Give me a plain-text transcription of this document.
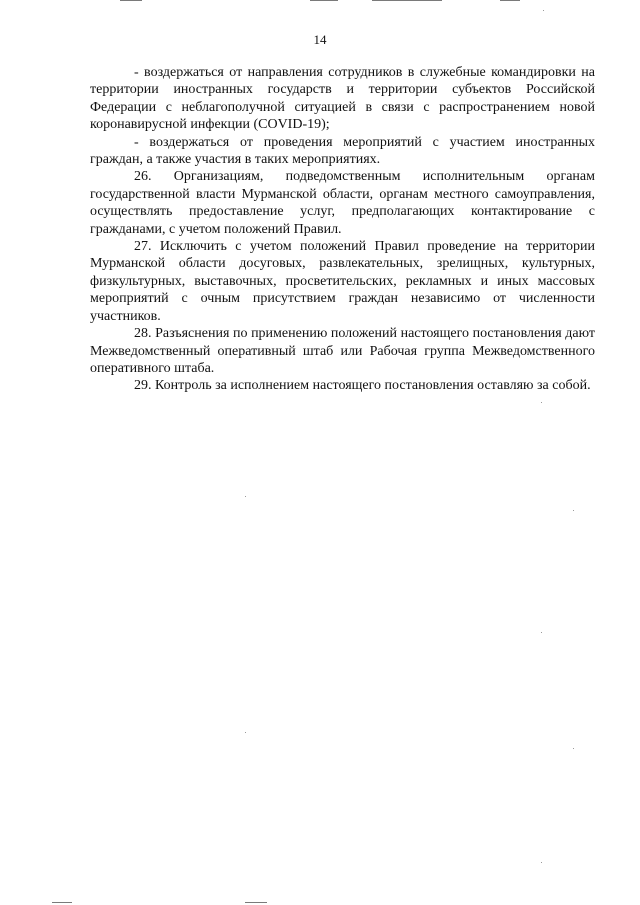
14

- воздержаться от направления сотрудников в служебные командировки на территории иностранных государств и территории субъектов Российской Федерации с неблагополучной ситуацией в связи с распространением новой коронавирусной инфекции (COVID-19);

- воздержаться от проведения мероприятий с участием иностранных граждан, а также участия в таких мероприятиях.

26. Организациям, подведомственным исполнительным органам государственной власти Мурманской области, органам местного самоуправления, осуществлять предоставление услуг, предполагающих контактирование с гражданами, с учетом положений Правил.

27. Исключить с учетом положений Правил проведение на территории Мурманской области досуговых, развлекательных, зрелищных, культурных, физкультурных, выставочных, просветительских, рекламных и иных массовых мероприятий с очным присутствием граждан независимо от численности участников.

28. Разъяснения по применению положений настоящего постановления дают Межведомственный оперативный штаб или Рабочая группа Межведомственного оперативного штаба.

29. Контроль за исполнением настоящего постановления оставляю за собой.
